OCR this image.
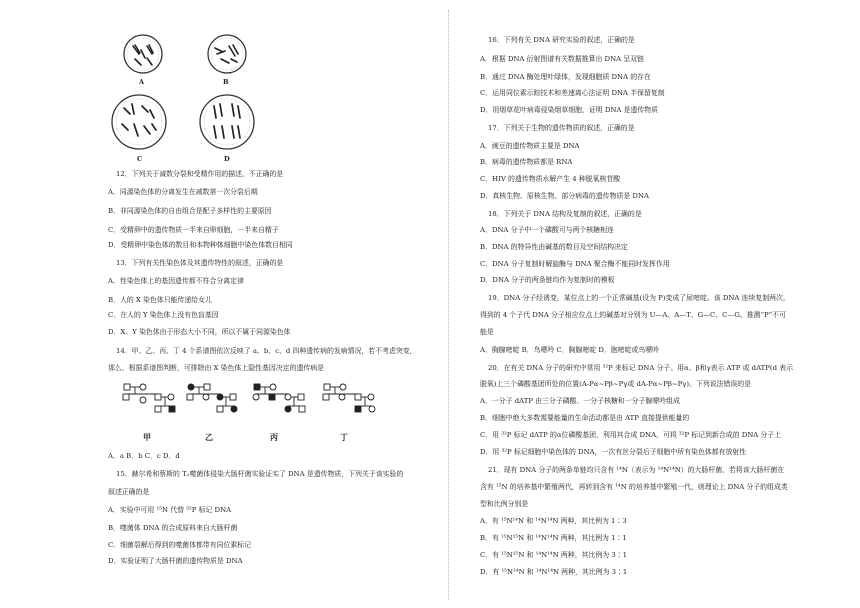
A	B
C	D
12．下列关于减数分裂和受精作用的描述，不正确的是
A．同源染色体的分离发生在减数第一次分裂后期
B．非同源染色体的自由组合是配子多样性的主要原因
C．受精卵中的遗传物质一半来自卵细胞，一半来自精子
D．受精卵中染色体的数目和本物种体细胞中染色体数目相同
13．下列有关性染色体及其遗传特性的叙述，正确的是
A．性染色体上的基因遗传都不符合分离定律
B．人的 X 染色体只能传递给女儿
C．在人的 Y 染色体上没有色盲基因
D．X、Y 染色体由于形态大小不同，所以不属于同源染色体
14．甲、乙、丙、丁 4 个系谱图依次反映了 a、b、c、d 四种遗传病的发病情况，若不考虑突变，
那么，根据系谱图判断，可排除由 X 染色体上隐性基因决定的遗传病是
A．a B．b C．c D．d
15．赫尔希和蔡斯的 T₂噬菌体侵染大肠杆菌实验证实了 DNA 是遗传物质，下列关于该实验的
叙述正确的是
A．实验中可用 ¹⁵N 代替 ³²P 标记 DNA
B．噬菌体 DNA 的合成原料来自大肠杆菌
C．细菌裂解后得到的噬菌体都带有同位素标记
D．实验证明了大肠杆菌的遗传物质是 DNA
甲	乙	丙	丁
16．下列有关 DNA 研究实验的叙述，正确的是
A．根据 DNA 衍射图谱有关数据推算出 DNA 呈双链
B．通过 DNA 酶处理叶绿体，发现细胞质 DNA 的存在
C．运用同位素示踪技术和差速离心法证明 DNA 半保留复制
D．用烟草花叶病毒侵染烟草细胞，证明 DNA 是遗传物质
17．下列关于生物的遗传物质的叙述，正确的是
A．豌豆的遗传物质主要是 DNA
B．病毒的遗传物质都是 RNA
C．HIV 的遗传物质水解产生 4 种脱氧核苷酸
D．真核生物、原核生物、部分病毒的遗传物质是 DNA
18．下列关于 DNA 结构及复制的叙述，正确的是
A．DNA 分子中一个磷酸可与两个核糖相连
B．DNA 的特异性由碱基的数目及空间结构决定
C．DNA 分子复制时解旋酶与 DNA 聚合酶不能同时发挥作用
D．DNA 分子的两条链均作为复制时的模板
19．DNA 分子经诱变，某位点上的一个正常碱基(设为 P)变成了尿嘧啶。该 DNA 连续复制两次，
得到的 4 个子代 DNA 分子相应位点上的碱基对分别为 U—A、A—T、G—C、C—G。推测“P”不可
能是
A．胸腺嘧啶 B．鸟嘌呤 C．胸腺嘧啶 D．胞嘧啶或鸟嘌呤
20．在有关 DNA 分子的研究中常用 ³²P 来标记 DNA 分子。用α、β和γ表示 ATP 或 dATP(d 表示
脱氧)上三个磷酸基团所处的位置(A-Pα~Pβ~Pγ或 dA-Pα~Pβ~Pγ)。下列说法错误的是
A．一分子 dATP 由三分子磷酸、一分子核糖和一分子腺嘌呤组成
B．细胞中绝大多数需要能量的生命活动都是由 ATP 直接提供能量的
C．用 ³²P 标记 dATP 的α位磷酸基团，利用其合成 DNA，可将 ³²P 标记到新合成的 DNA 分子上
D．用 ³²P 标记细胞中染色体的 DNA，一次有丝分裂后子细胞中所有染色体都有放射性
21．现有 DNA 分子的两条单链均只含有 ¹⁴N（表示为 ¹⁴N¹⁴N）的大肠杆菌，若将该大肠杆菌在
含有 ¹⁵N 的培养基中繁殖两代，再转到含有 ¹⁴N 的培养基中繁殖一代，则理论上 DNA 分子的组成类
型和比例分别是
A．有 ¹⁵N¹⁴N 和 ¹⁴N¹⁴N 两种，其比例为 1∶3
B．有 ¹⁵N¹⁵N 和 ¹⁴N¹⁴N 两种，其比例为 1∶1
C．有 ¹⁵N¹⁵N 和 ¹⁴N¹⁴N 两种，其比例为 3∶1
D．有 ¹⁵N¹⁴N 和 ¹⁴N¹⁴N 两种，其比例为 3∶1
